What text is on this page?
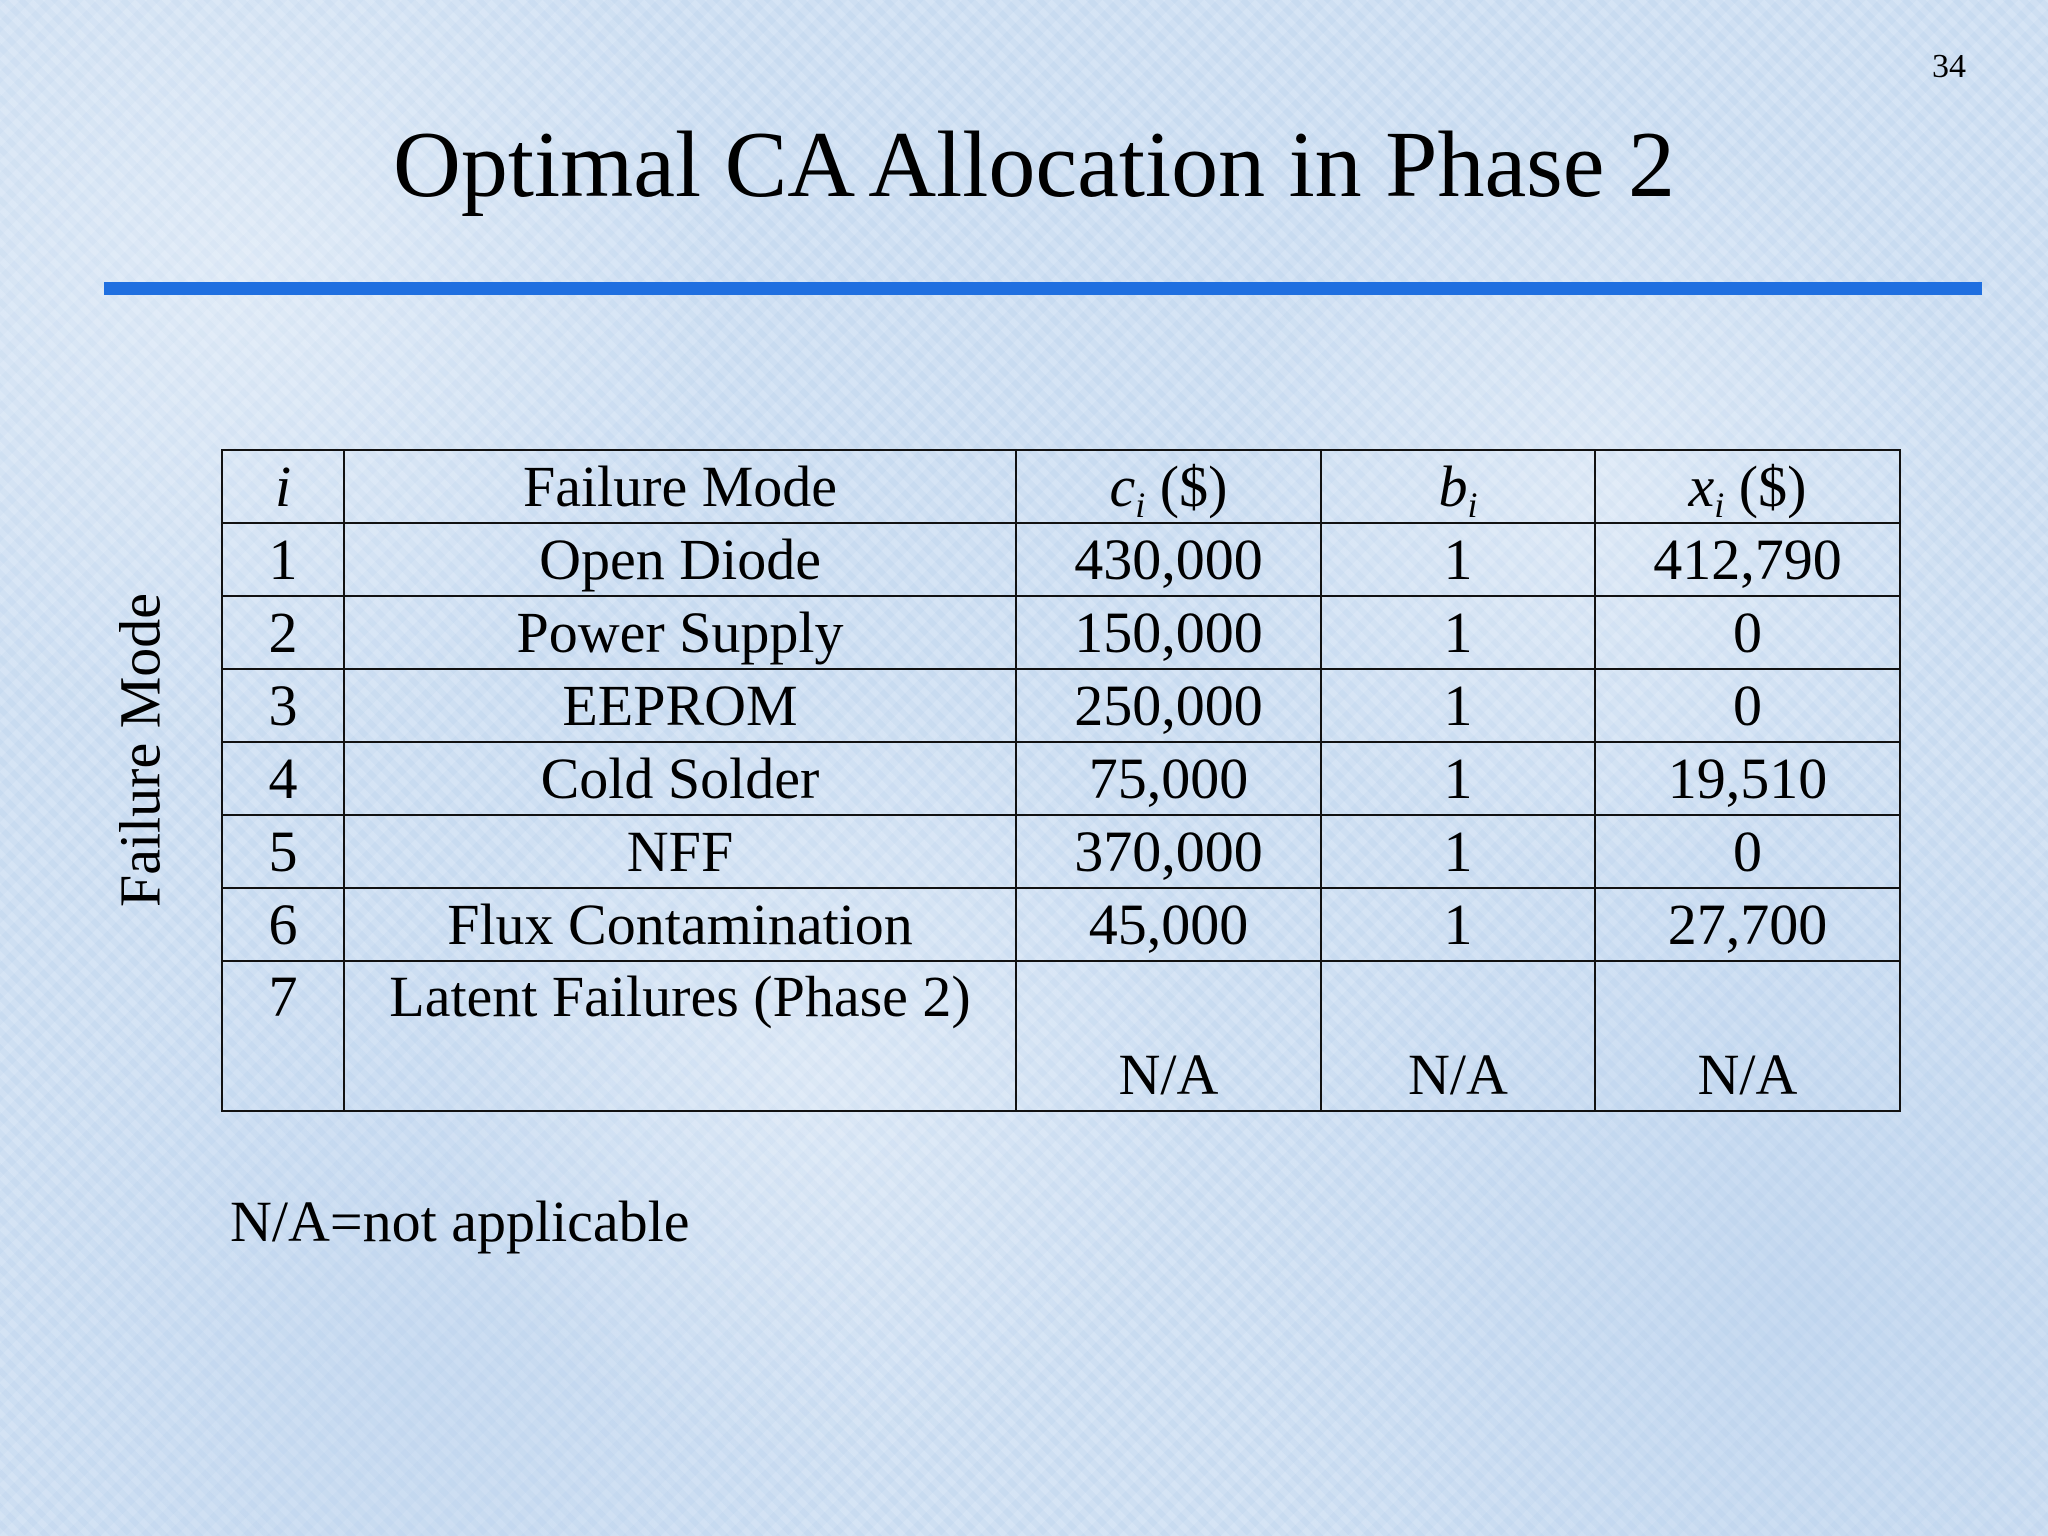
34
Optimal CA Allocation in Phase 2
Failure Mode
i	Failure Mode	ci ($)	bi	xi ($)
1	Open Diode	430,000	1	412,790
2	Power Supply	150,000	1	0
3	EEPROM	250,000	1	0
4	Cold Solder	75,000	1	19,510
5	NFF	370,000	1	0
6	Flux Contamination	45,000	1	27,700
7	Latent Failures (Phase 2)	N/A	N/A	N/A
N/A=not applicable
